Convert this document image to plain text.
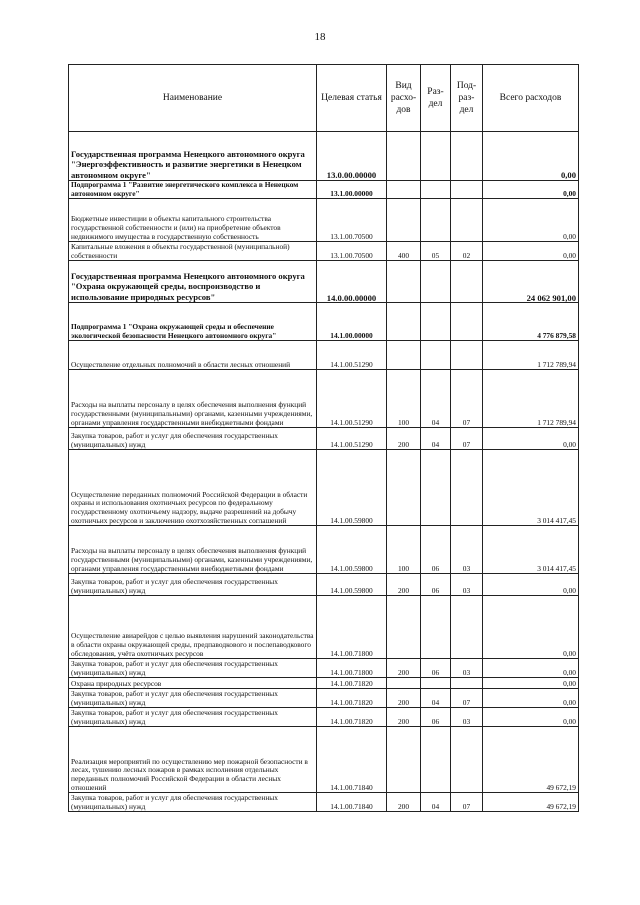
18
Наименование	Целевая статья	Вид расхо-дов	Раз-дел	Под-раз-дел	Всего расходов
Государственная программа Ненецкого автономного округа "Энергоэффективность и развитие энергетики в Ненецком автономном округе"	13.0.00.00000				0,00
Подпрограмма 1 "Развитие энергетического комплекса в Ненецком автономном округе"	13.1.00.00000				0,00
Бюджетные инвестиции в объекты капитального строительства государственной собственности и (или) на приобретение объектов недвижимого имущества в государственную собственность	13.1.00.70500				0,00
Капитальные вложения в объекты государственной (муниципальной) собственности	13.1.00.70500	400	05	02	0,00
Государственная программа Ненецкого автономного округа "Охрана окружающей среды, воспроизводство и использование природных ресурсов"	14.0.00.00000				24 062 901,00
Подпрограмма 1 "Охрана окружающей среды и обеспечение экологической безопасности Ненецкого автономного округа"	14.1.00.00000				4 776 879,58
Осуществление отдельных полномочий в области лесных отношений	14.1.00.51290				1 712 789,94
Расходы на выплаты персоналу в целях обеспечения выполнения функций государственными (муниципальными) органами, казенными учреждениями, органами управления государственными внебюджетными фондами	14.1.00.51290	100	04	07	1 712 789,94
Закупка товаров, работ и услуг для обеспечения государственных (муниципальных) нужд	14.1.00.51290	200	04	07	0,00
Осуществление переданных полномочий Российской Федерации в области охраны и использования охотничьих ресурсов по федеральному государственному охотничьему надзору, выдаче разрешений на добычу охотничьих ресурсов и заключению охотхозяйственных соглашений	14.1.00.59800				3 014 417,45
Расходы на выплаты персоналу в целях обеспечения выполнения функций государственными (муниципальными) органами, казенными учреждениями, органами управления государственными внебюджетными фондами	14.1.00.59800	100	06	03	3 014 417,45
Закупка товаров, работ и услуг для обеспечения государственных (муниципальных) нужд	14.1.00.59800	200	06	03	0,00
Осуществление авиарейдов с целью выявления нарушений законодательства в области охраны окружающей среды, предпаводкового и послепаводкового обследования, учёта охотничьих ресурсов	14.1.00.71800				0,00
Закупка товаров, работ и услуг для обеспечения государственных (муниципальных) нужд	14.1.00.71800	200	06	03	0,00
Охрана природных ресурсов	14.1.00.71820				0,00
Закупка товаров, работ и услуг для обеспечения государственных (муниципальных) нужд	14.1.00.71820	200	04	07	0,00
Закупка товаров, работ и услуг для обеспечения государственных (муниципальных) нужд	14.1.00.71820	200	06	03	0,00
Реализация мероприятий по осуществлению мер пожарной безопасности в лесах, тушению лесных пожаров в рамках исполнения отдельных переданных полномочий Российской Федерации в области лесных отношений	14.1.00.71840				49 672,19
Закупка товаров, работ и услуг для обеспечения государственных (муниципальных) нужд	14.1.00.71840	200	04	07	49 672,19
